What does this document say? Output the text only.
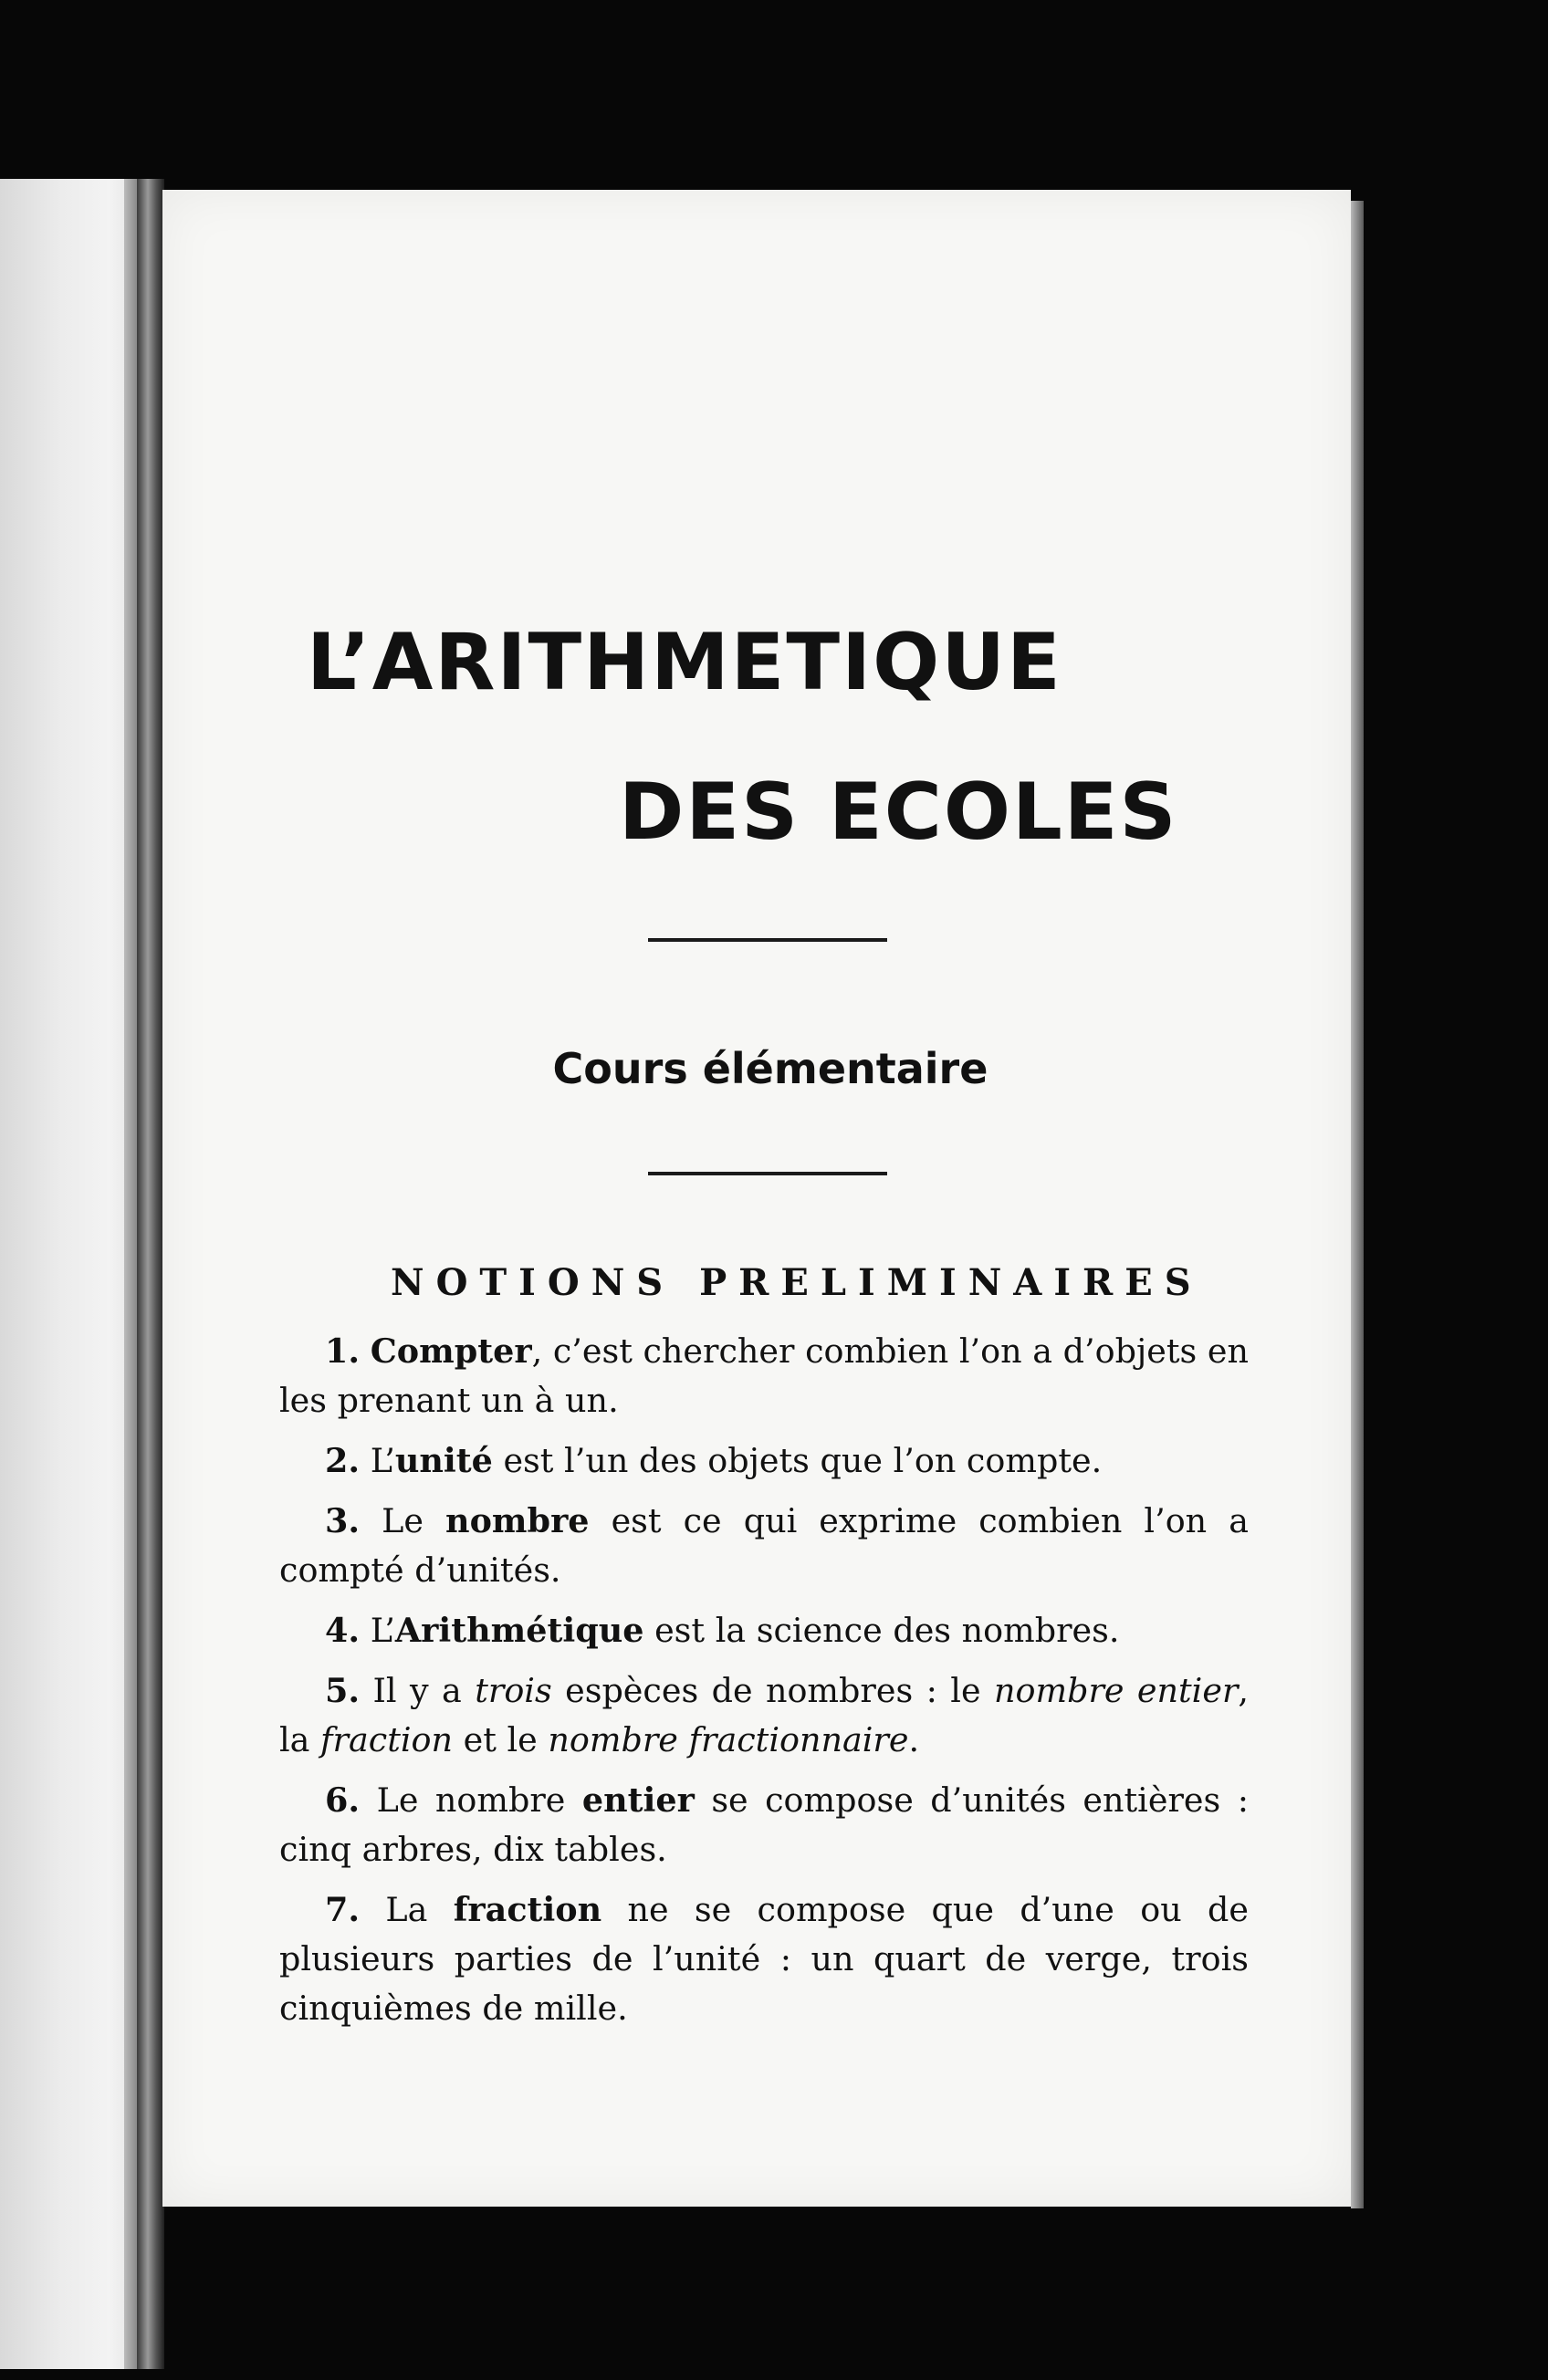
L’ARITHMETIQUE
DES ECOLES
Cours élémentaire
NOTIONS PRELIMINAIRES

1. Compter, c’est chercher combien l’on a d’objets en les prenant un à un.

2. L’unité est l’un des objets que l’on compte.

3. Le nombre est ce qui exprime combien l’on a compté d’unités.

4. L’Arithmétique est la science des nombres.

5. Il y a trois espèces de nombres : le nombre entier, la fraction et le nombre fractionnaire.

6. Le nombre entier se compose d’unités entières : cinq arbres, dix tables.

7. La fraction ne se compose que d’une ou de plusieurs parties de l’unité : un quart de verge, trois cinquièmes de mille.
